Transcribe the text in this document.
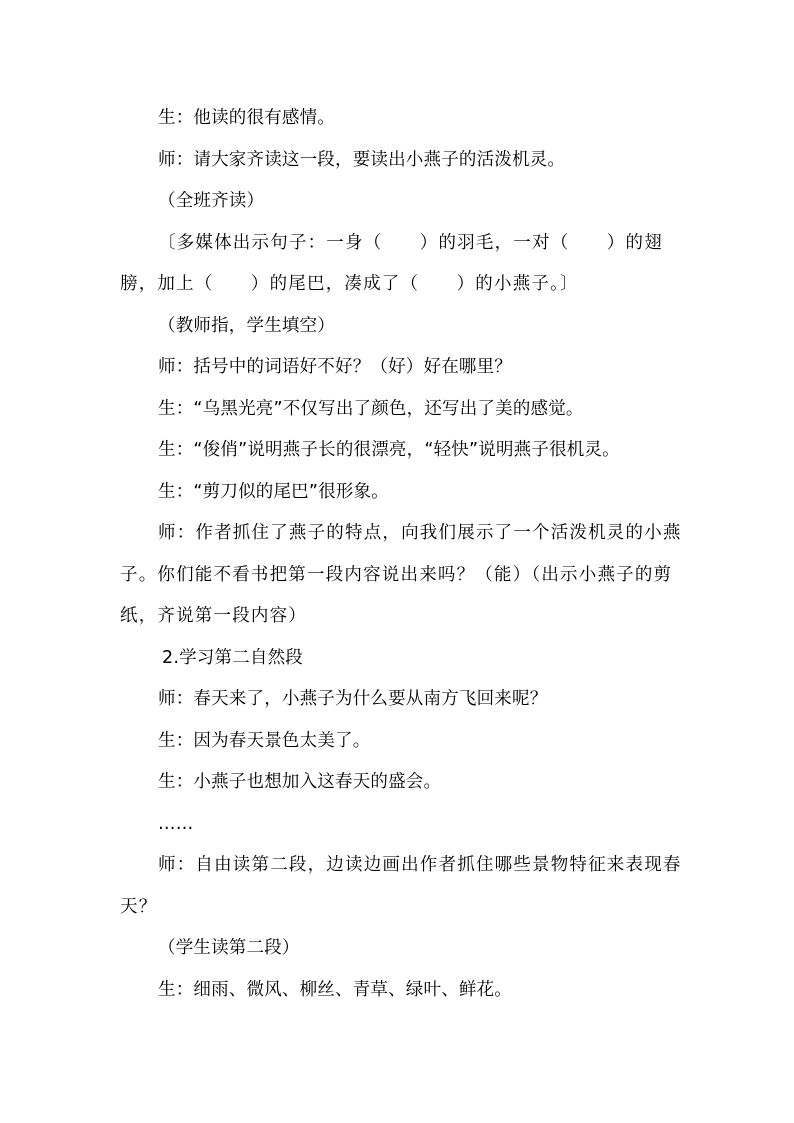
生：他读的很有感情。

师：请大家齐读这一段，要读出小燕子的活泼机灵。

（全班齐读）

〔多媒体出示句子：一身（　　）的羽毛，一对（　　）的翅膀，加上（　　）的尾巴，凑成了（　　）的小燕子。〕

（教师指，学生填空）

师：括号中的词语好不好？（好）好在哪里？

生：“乌黑光亮”不仅写出了颜色，还写出了美的感觉。

生：“俊俏”说明燕子长的很漂亮，“轻快”说明燕子很机灵。

生：“剪刀似的尾巴”很形象。

师：作者抓住了燕子的特点，向我们展示了一个活泼机灵的小燕子。你们能不看书把第一段内容说出来吗？（能）（出示小燕子的剪纸，齐说第一段内容）

2.学习第二自然段

师：春天来了，小燕子为什么要从南方飞回来呢？

生：因为春天景色太美了。

生：小燕子也想加入这春天的盛会。

……

师：自由读第二段，边读边画出作者抓住哪些景物特征来表现春天？

（学生读第二段）

生：细雨、微风、柳丝、青草、绿叶、鲜花。
